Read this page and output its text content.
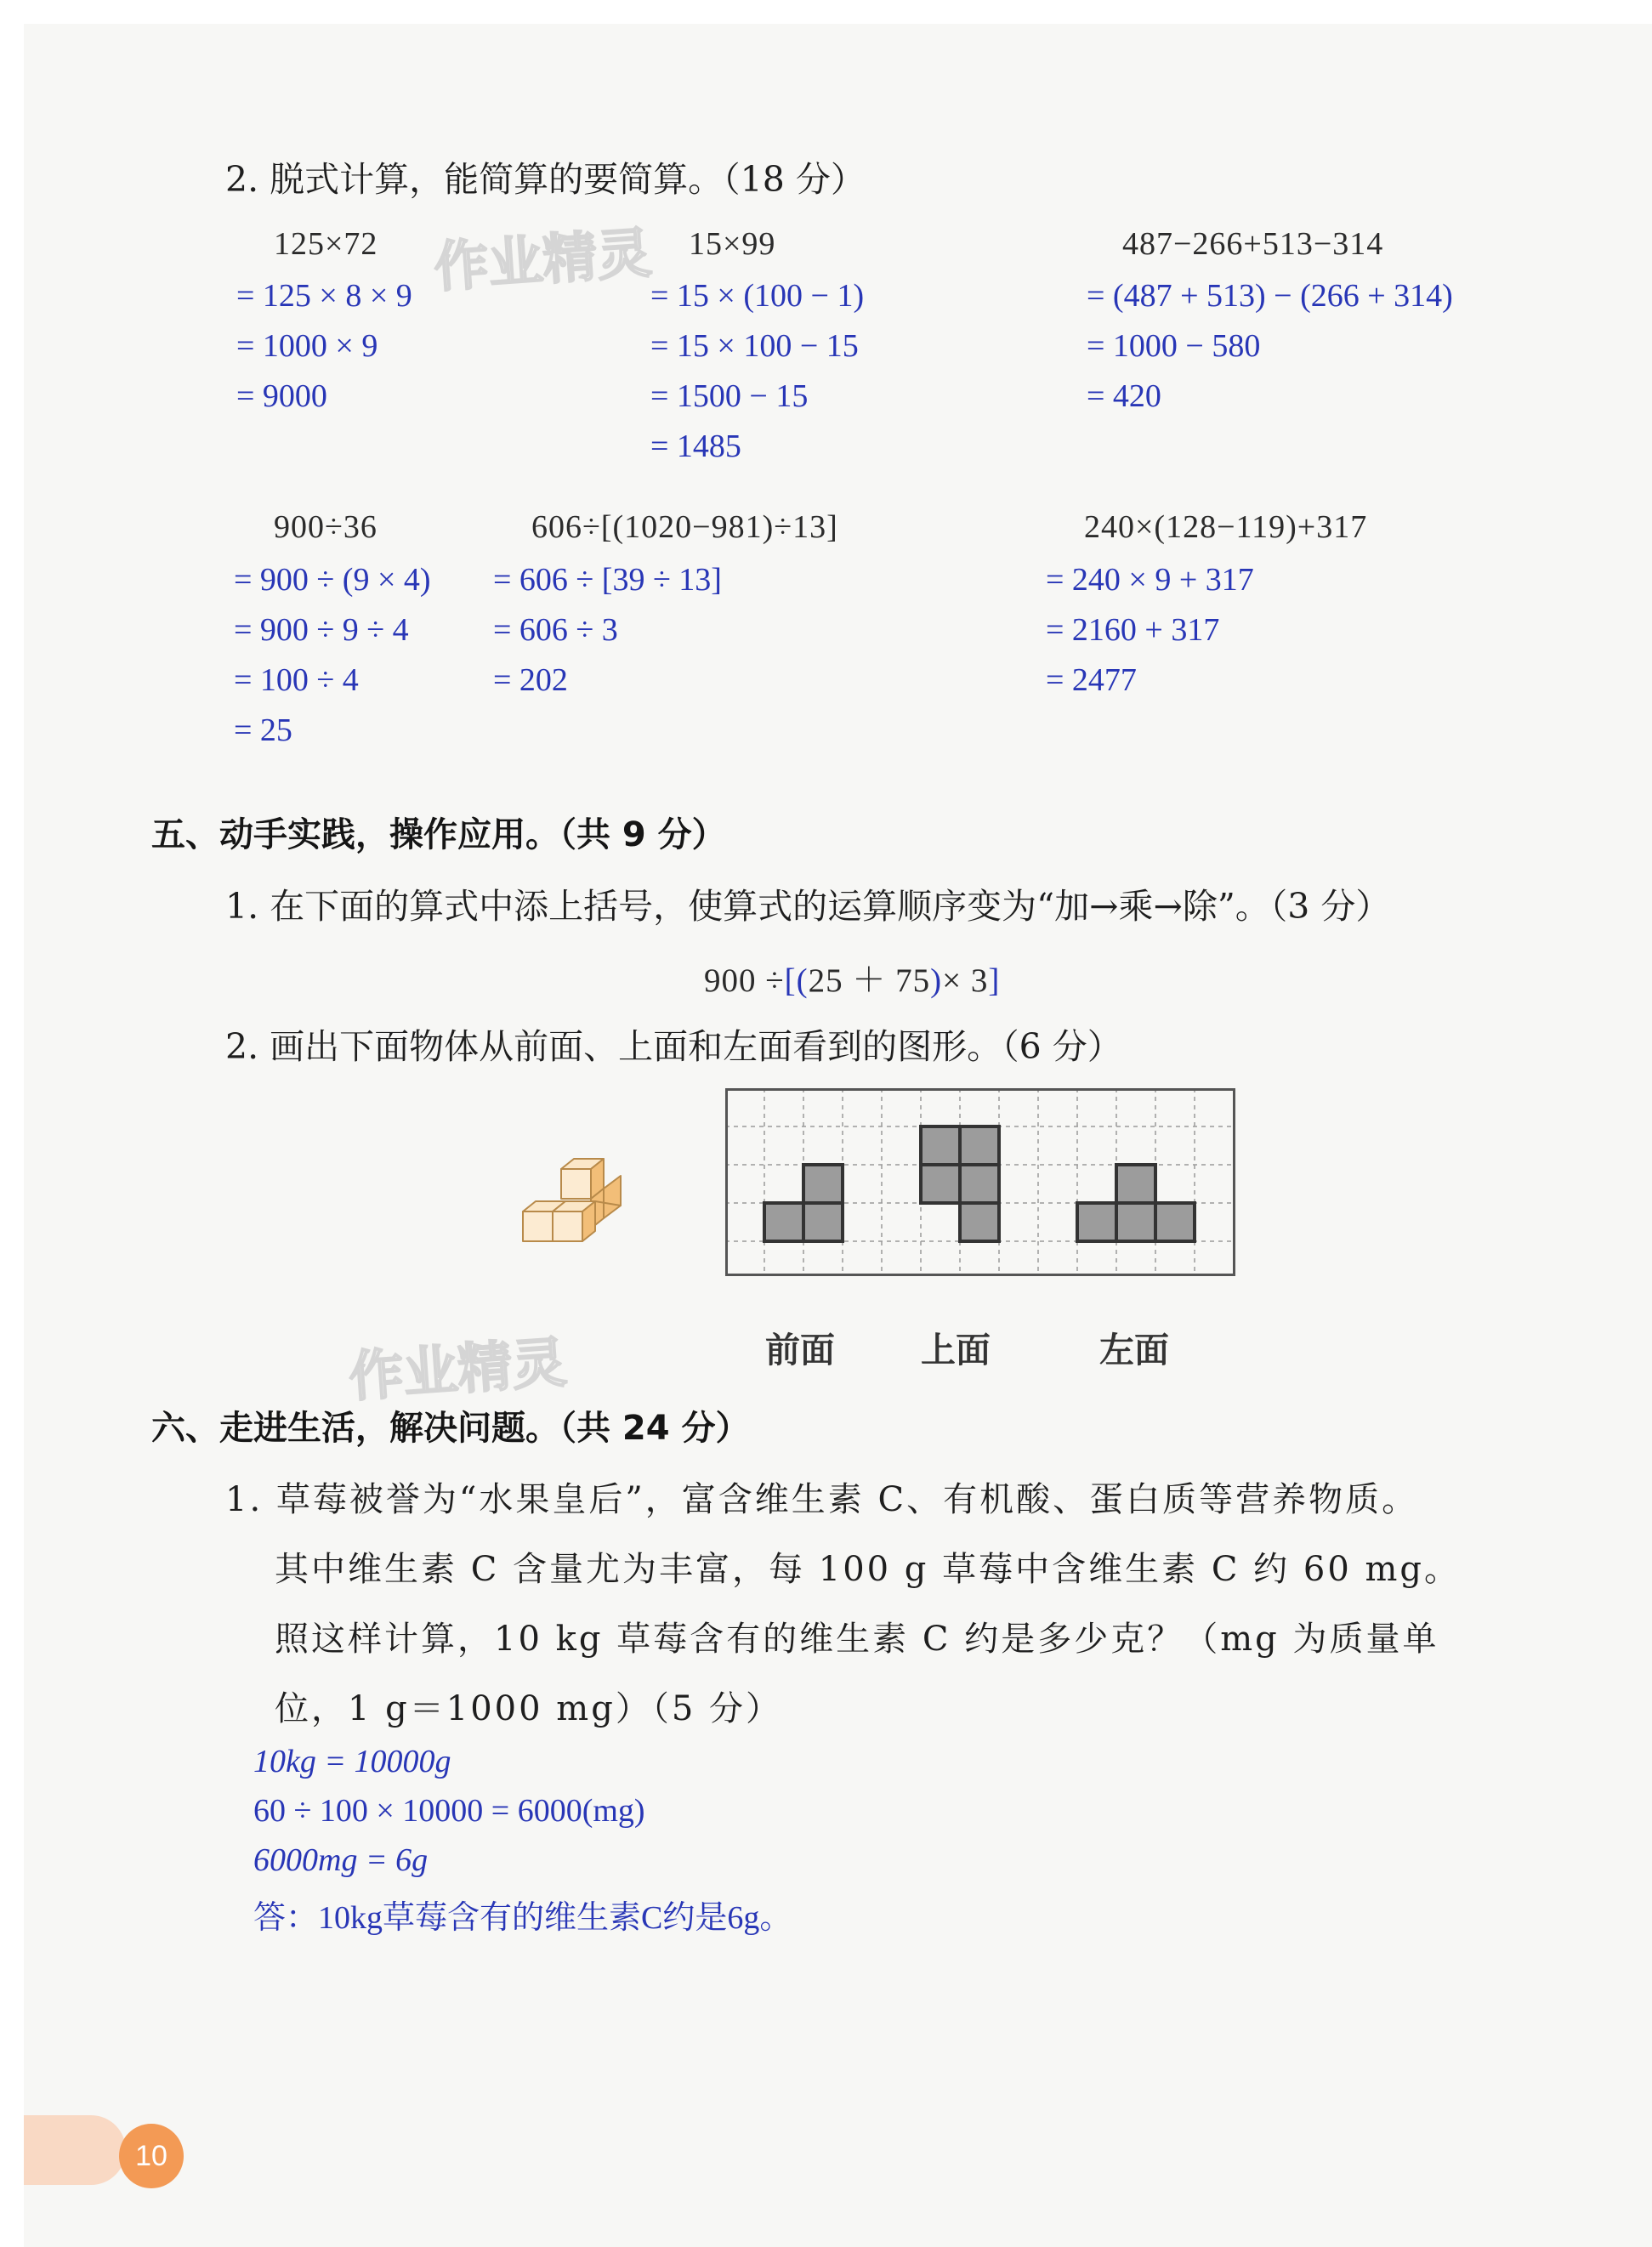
2. 脱式计算，能简算的要简算。（18 分）
作业精灵
125×72
= 125 × 8 × 9
= 1000 × 9
= 9000
15×99
= 15 × (100 − 1)
= 15 × 100 − 15
= 1500 − 15
= 1485
487−266+513−314
= (487 + 513) − (266 + 314)
= 1000 − 580
= 420
900÷36
= 900 ÷ (9 × 4)
= 900 ÷ 9 ÷ 4
= 100 ÷ 4
= 25
606÷[(1020−981)÷13]
= 606 ÷ [39 ÷ 13]
= 606 ÷ 3
= 202
240×(128−119)+317
= 240 × 9 + 317
= 2160 + 317
= 2477
五、动手实践，操作应用。（共 9 分）
1. 在下面的算式中添上括号，使算式的运算顺序变为“加→乘→除”。（3 分）
900 ÷[(25 ＋ 75)× 3]
2. 画出下面物体从前面、上面和左面看到的图形。（6 分）
前面 上面	左面
作业精灵
六、走进生活，解决问题。（共 24 分）
1. 草莓被誉为“水果皇后”，富含维生素 C、有机酸、蛋白质等营养物质。
其中维生素 C 含量尤为丰富，每 100 g 草莓中含维生素 C 约 60 mg。
照这样计算，10 kg 草莓含有的维生素 C 约是多少克？（mg 为质量单
位，1 g＝1000 mg）（5 分）
10kg = 10000g
60 ÷ 100 × 10000 = 6000(mg)
6000mg = 6g
答：10kg草莓含有的维生素C约是6g。
10
